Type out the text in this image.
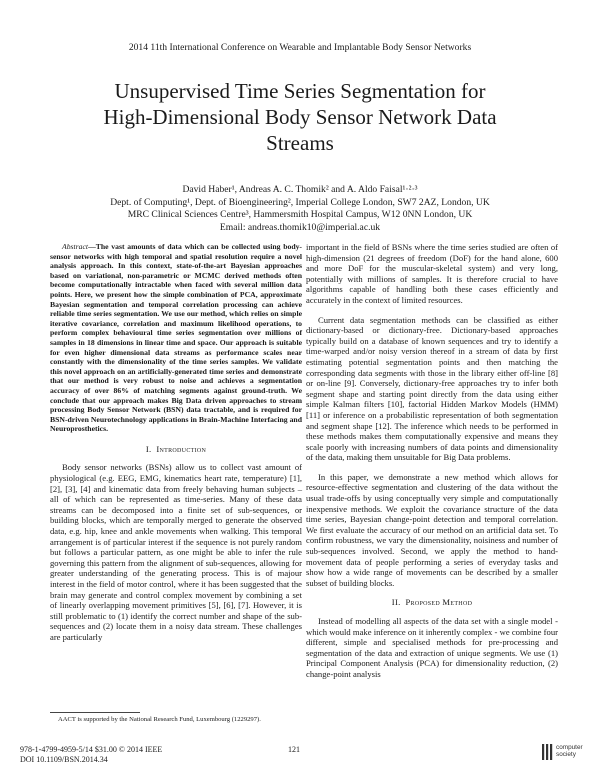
2014 11th International Conference on Wearable and Implantable Body Sensor Networks
Unsupervised Time Series Segmentation for
High-Dimensional Body Sensor Network Data
Streams
David Haber¹, Andreas A. C. Thomik² and A. Aldo Faisal¹·²·³
Dept. of Computing¹, Dept. of Bioengineering², Imperial College London, SW7 2AZ, London, UK
MRC Clinical Sciences Centre³, Hammersmith Hospital Campus, W12 0NN London, UK
Email: andreas.thomik10@imperial.ac.uk

Abstract—The vast amounts of data which can be collected using body-sensor networks with high temporal and spatial resolution require a novel analysis approach. In this context, state-of-the-art Bayesian approaches based on variational, non-parametric or MCMC derived methods often become computationally intractable when faced with several million data points. Here, we present how the simple combination of PCA, approximate Bayesian segmentation and temporal correlation processing can achieve reliable time series segmentation. We use our method, which relies on simple iterative covariance, correlation and maximum likelihood operations, to perform complex behavioural time series segmentation over millions of samples in 18 dimensions in linear time and space. Our approach is suitable for even higher dimensional data streams as performance scales near constantly with the dimensionality of the time series samples. We validate this novel approach on an artificially-generated time series and demonstrate that our method is very robust to noise and achieves a segmentation accuracy of over 86% of matching segments against ground-truth. We conclude that our approach makes Big Data driven approaches to stream processing Body Sensor Network (BSN) data tractable, and is required for BSN-driven Neurotechnology applications in Brain-Machine Interfacing and Neuroprosthetics.

I. Introduction

Body sensor networks (BSNs) allow us to collect vast amount of physiological (e.g. EEG, EMG, kinematics heart rate, temperature) [1], [2], [3], [4] and kinematic data from freely behaving human subjects – all of which can be represented as time-series. Many of these data streams can be decomposed into a finite set of sub-sequences, or building blocks, which are temporally merged to generate the observed data, e.g. hip, knee and ankle movements when walking. This temporal arrangement is of particular interest if the sequence is not purely random but follows a particular pattern, as one might be able to infer the rule governing this pattern from the alignment of sub-sequences, allowing for greater understanding of the generating process. This is of majour interest in the field of motor control, where it has been suggested that the brain may generate and control complex movement by combining a set of linearly overlapping movement primitives [5], [6], [7]. However, it is still problematic to (1) identify the correct number and shape of the sub-sequences and (2) locate them in a noisy data stream. These challenges are particularly

important in the field of BSNs where the time series studied are often of high-dimension (21 degrees of freedom (DoF) for the hand alone, 600 and more DoF for the muscular-skeletal system) and very long, potentially with millions of samples. It is therefore crucial to have algorithms capable of handling both these cases efficiently and accurately in the context of limited resources.

Current data segmentation methods can be classified as either dictionary-based or dictionary-free. Dictionary-based approaches typically build on a database of known sequences and try to identify a time-warped and/or noisy version thereof in a stream of data by first estimating potential segmentation points and then matching the corresponding data segments with those in the library either off-line [8] or on-line [9]. Conversely, dictionary-free approaches try to infer both segment shape and starting point directly from the data using either simple Kalman filters [10], factorial Hidden Markov Models (HMM) [11] or inference on a probabilistic representation of both segmentation and segment shape [12]. The inference which needs to be performed in these methods makes them computationally expensive and means they scale poorly with increasing numbers of data points and dimensionality of the data, making them unsuitable for Big Data problems.

In this paper, we demonstrate a new method which allows for resource-effective segmentation and clustering of the data without the usual trade-offs by using conceptually very simple and computationally inexpensive methods. We exploit the covariance structure of the data time series, Bayesian change-point detection and temporal correlation. We first evaluate the accuracy of our method on an artificial data set. To confirm robustness, we vary the dimensionality, noisiness and number of sub-sequences involved. Second, we apply the method to hand-movement data of people performing a series of everyday tasks and show how a wide range of movements can be described by a smaller subset of building blocks.

II. Proposed Method

Instead of modelling all aspects of the data set with a single model - which would make inference on it inherently complex - we combine four different, simple and specialised methods for pre-processing and segmentation of the data and extraction of unique segments. We use (1) Principal Component Analysis (PCA) for dimensionality reduction, (2) change-point analysis

AACT is supported by the National Research Fund, Luxembourg (1229297).
978-1-4799-4959-5/14 $31.00 © 2014 IEEE
DOI 10.1109/BSN.2014.34
121	computer
society
